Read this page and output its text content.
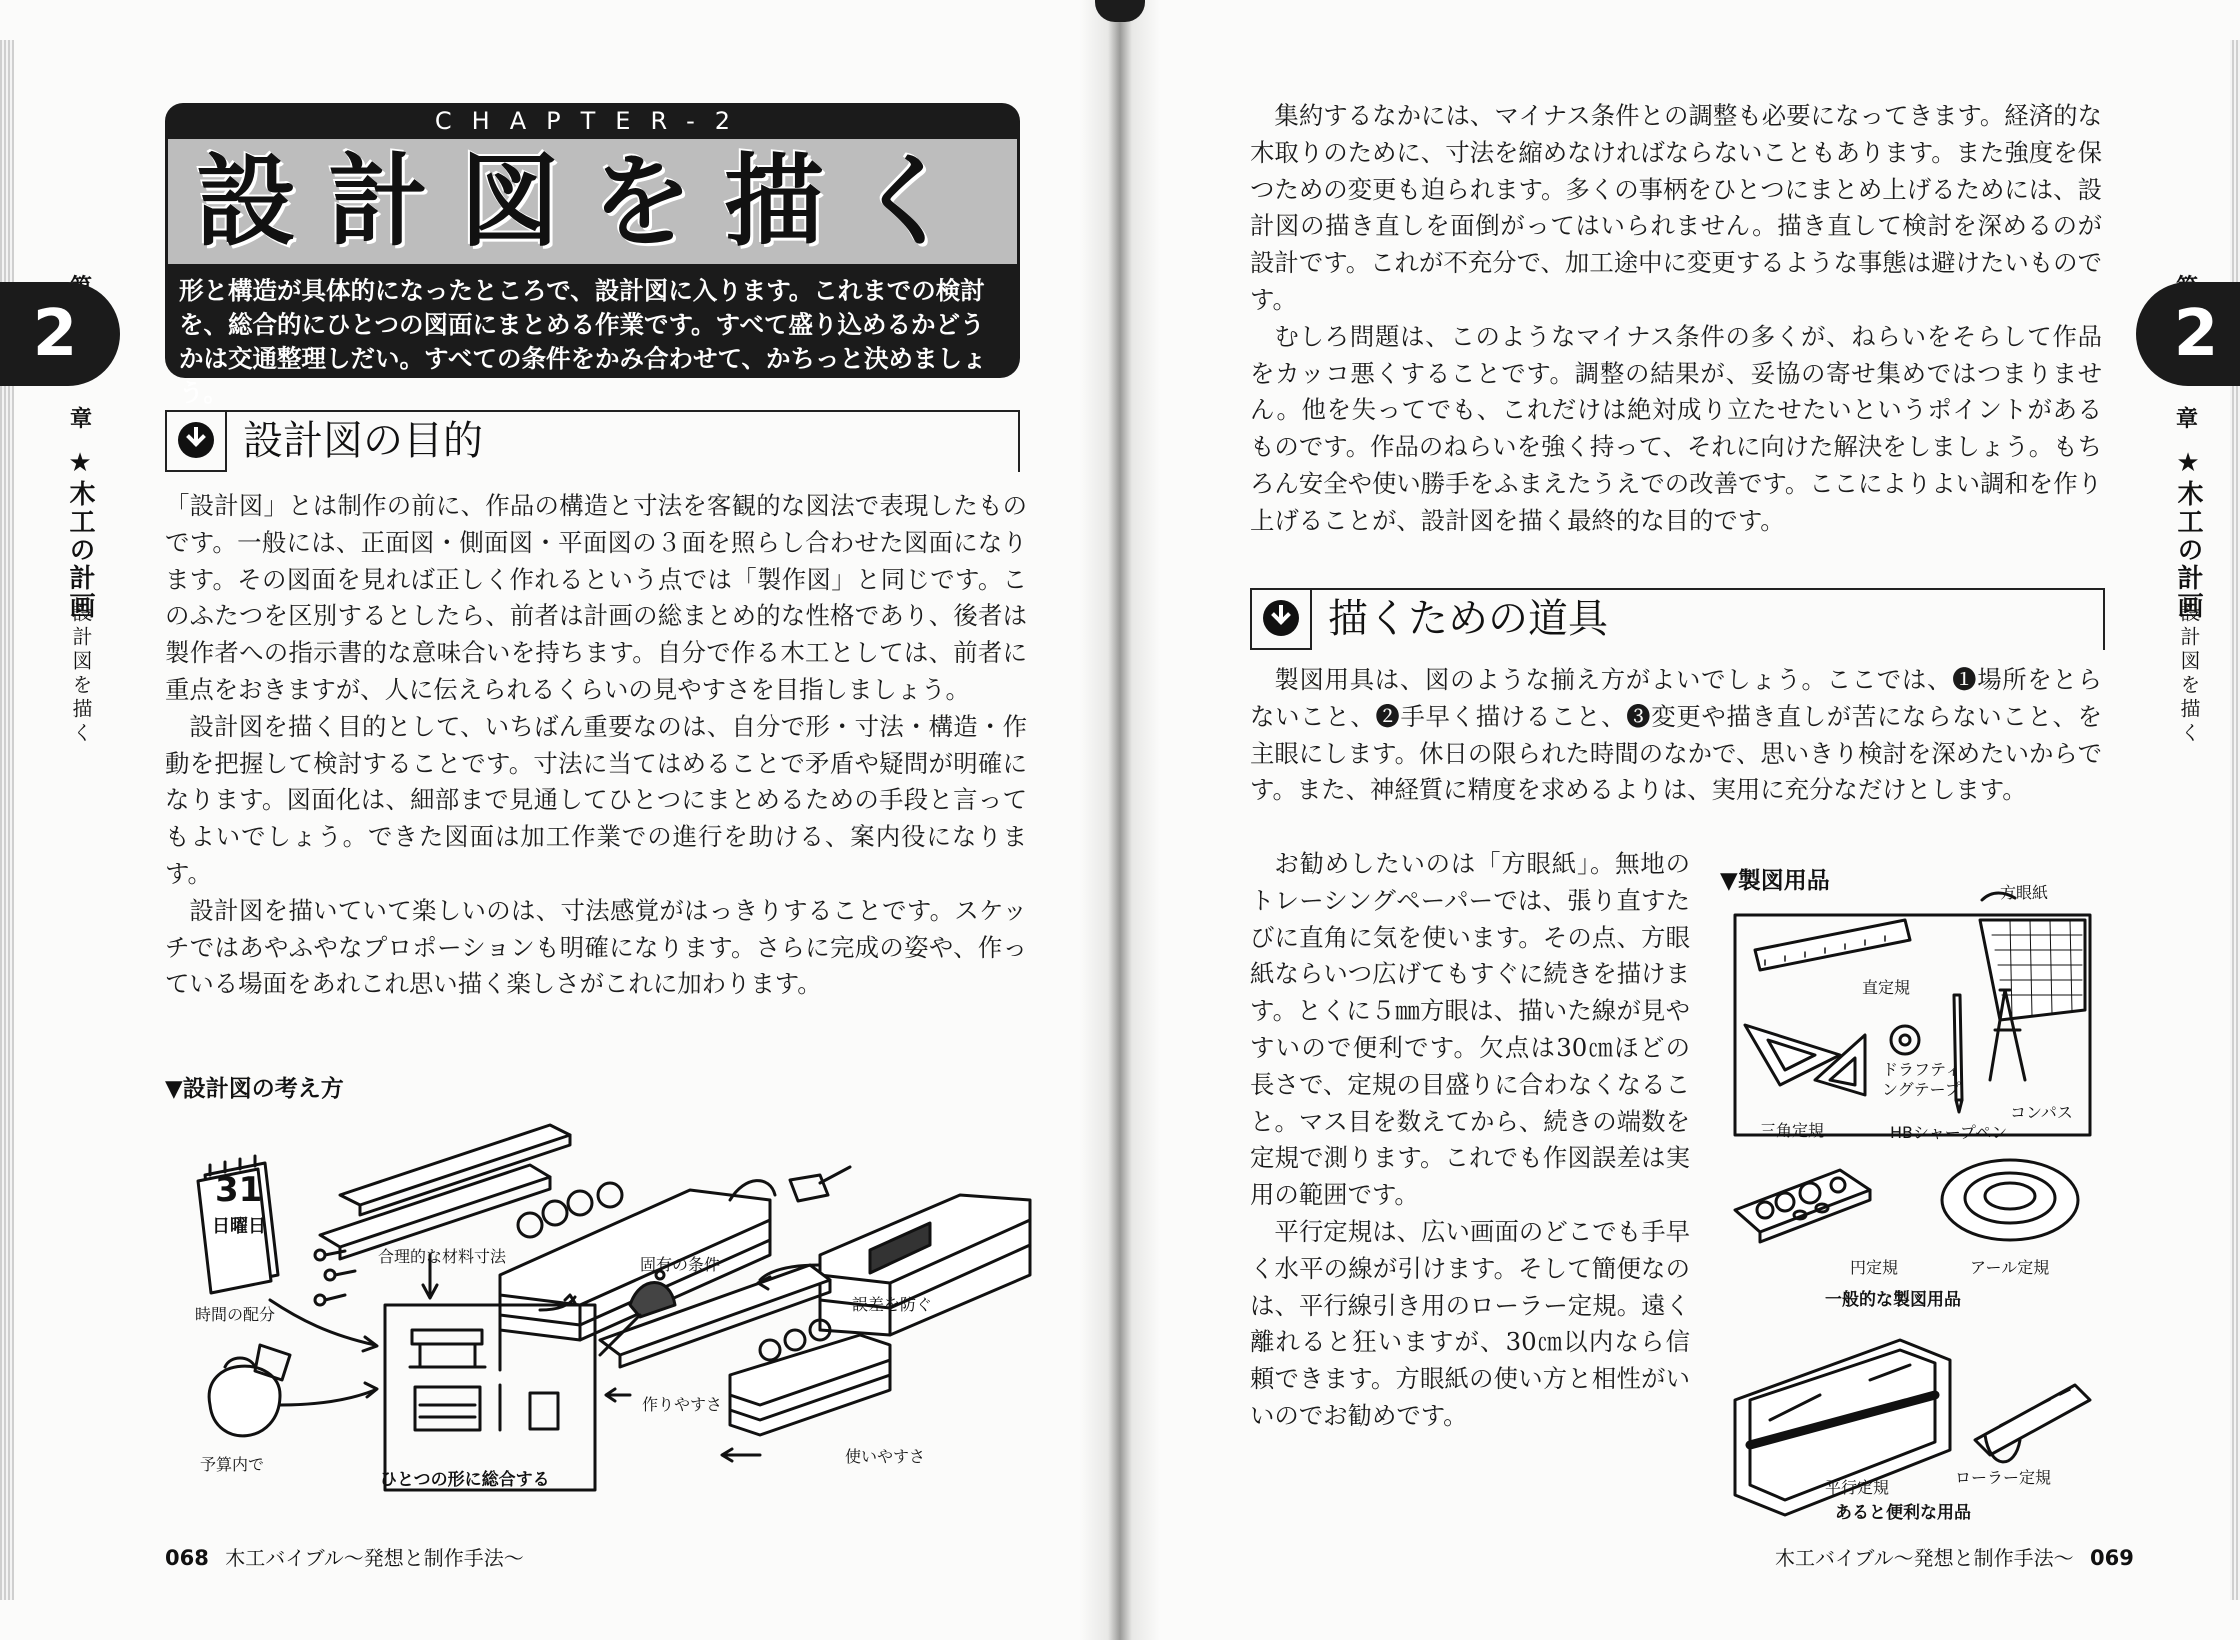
2
章
★木工の計画
設計図を描く
2
章
★木工の計画
設計図を描く
CHAPTER-2
設計図を描く
形と構造が具体的になったところで、設計図に入ります。これまでの検討を、総合的にひとつの図面にまとめる作業です。すべて盛り込めるかどうかは交通整理しだい。すべての条件をかみ合わせて、かちっと決めましょう。
設計図の目的

「設計図」とは制作の前に、作品の構造と寸法を客観的な図法で表現したものです。一般には、正面図・側面図・平面図の３面を照らし合わせた図面になります。その図面を見れば正しく作れるという点では「製作図」と同じです。このふたつを区別するとしたら、前者は計画の総まとめ的な性格であり、後者は製作者への指示書的な意味合いを持ちます。自分で作る木工としては、前者に重点をおきますが、人に伝えられるくらいの見やすさを目指しましょう。

設計図を描く目的として、いちばん重要なのは、自分で形・寸法・構造・作動を把握して検討することです。寸法に当てはめることで矛盾や疑問が明確になります。図面化は、細部まで見通してひとつにまとめるための手段と言ってもよいでしょう。できた図面は加工作業での進行を助ける、案内役になります。

設計図を描いていて楽しいのは、寸法感覚がはっきりすることです。スケッチではあやふやなプロポーションも明確になります。さらに完成の姿や、作っている場面をあれこれ思い描く楽しさがこれに加わります。

▼設計図の考え方
31
日曜日
時間の配分
合理的な材料寸法	固有の条件
誤差を防ぐ
予算内で
作りやすさ
使いやすさ
ひとつの形に総合する
068 木工バイブル〜発想と制作手法〜

集約するなかには、マイナス条件との調整も必要になってきます。経済的な木取りのために、寸法を縮めなければならないこともあります。また強度を保つための変更も迫られます。多くの事柄をひとつにまとめ上げるためには、設計図の描き直しを面倒がってはいられません。描き直して検討を深めるのが設計です。これが不充分で、加工途中に変更するような事態は避けたいものです。

むしろ問題は、このようなマイナス条件の多くが、ねらいをそらして作品をカッコ悪くすることです。調整の結果が、妥協の寄せ集めではつまりません。他を失ってでも、これだけは絶対成り立たせたいというポイントがあるものです。作品のねらいを強く持って、それに向けた解決をしましょう。もちろん安全や使い勝手をふまえたうえでの改善です。ここによりよい調和を作り上げることが、設計図を描く最終的な目的です。

描くための道具

製図用具は、図のような揃え方がよいでしょう。ここでは、❶場所をとらないこと、❷手早く描けること、❸変更や描き直しが苦にならないこと、を主眼にします。休日の限られた時間のなかで、思いきり検討を深めたいからです。また、神経質に精度を求めるよりは、実用に充分なだけとします。

お勧めしたいのは「方眼紙」。無地のトレーシングペーパーでは、張り直すたびに直角に気を使います。その点、方眼紙ならいつ広げてもすぐに続きを描けます。とくに５㎜方眼は、描いた線が見やすいので便利です。欠点は30㎝ほどの長さで、定規の目盛りに合わなくなること。マス目を数えてから、続きの端数を定規で測ります。これでも作図誤差は実用の範囲です。

平行定規は、広い画面のどこでも手早く水平の線が引けます。そして簡便なのは、平行線引き用のローラー定規。遠く離れると狂いますが、30㎝以内なら信頼できます。方眼紙の使い方と相性がいいのでお勧めです。

▼製図用品	方眼紙
直定規
ドラフティングテープ
コンパス
三角定規	HBシャープペン
円定規	アール定規
一般的な製図用品
平行定規
ローラー定規
あると便利な用品
木工バイブル〜発想と制作手法〜 069
